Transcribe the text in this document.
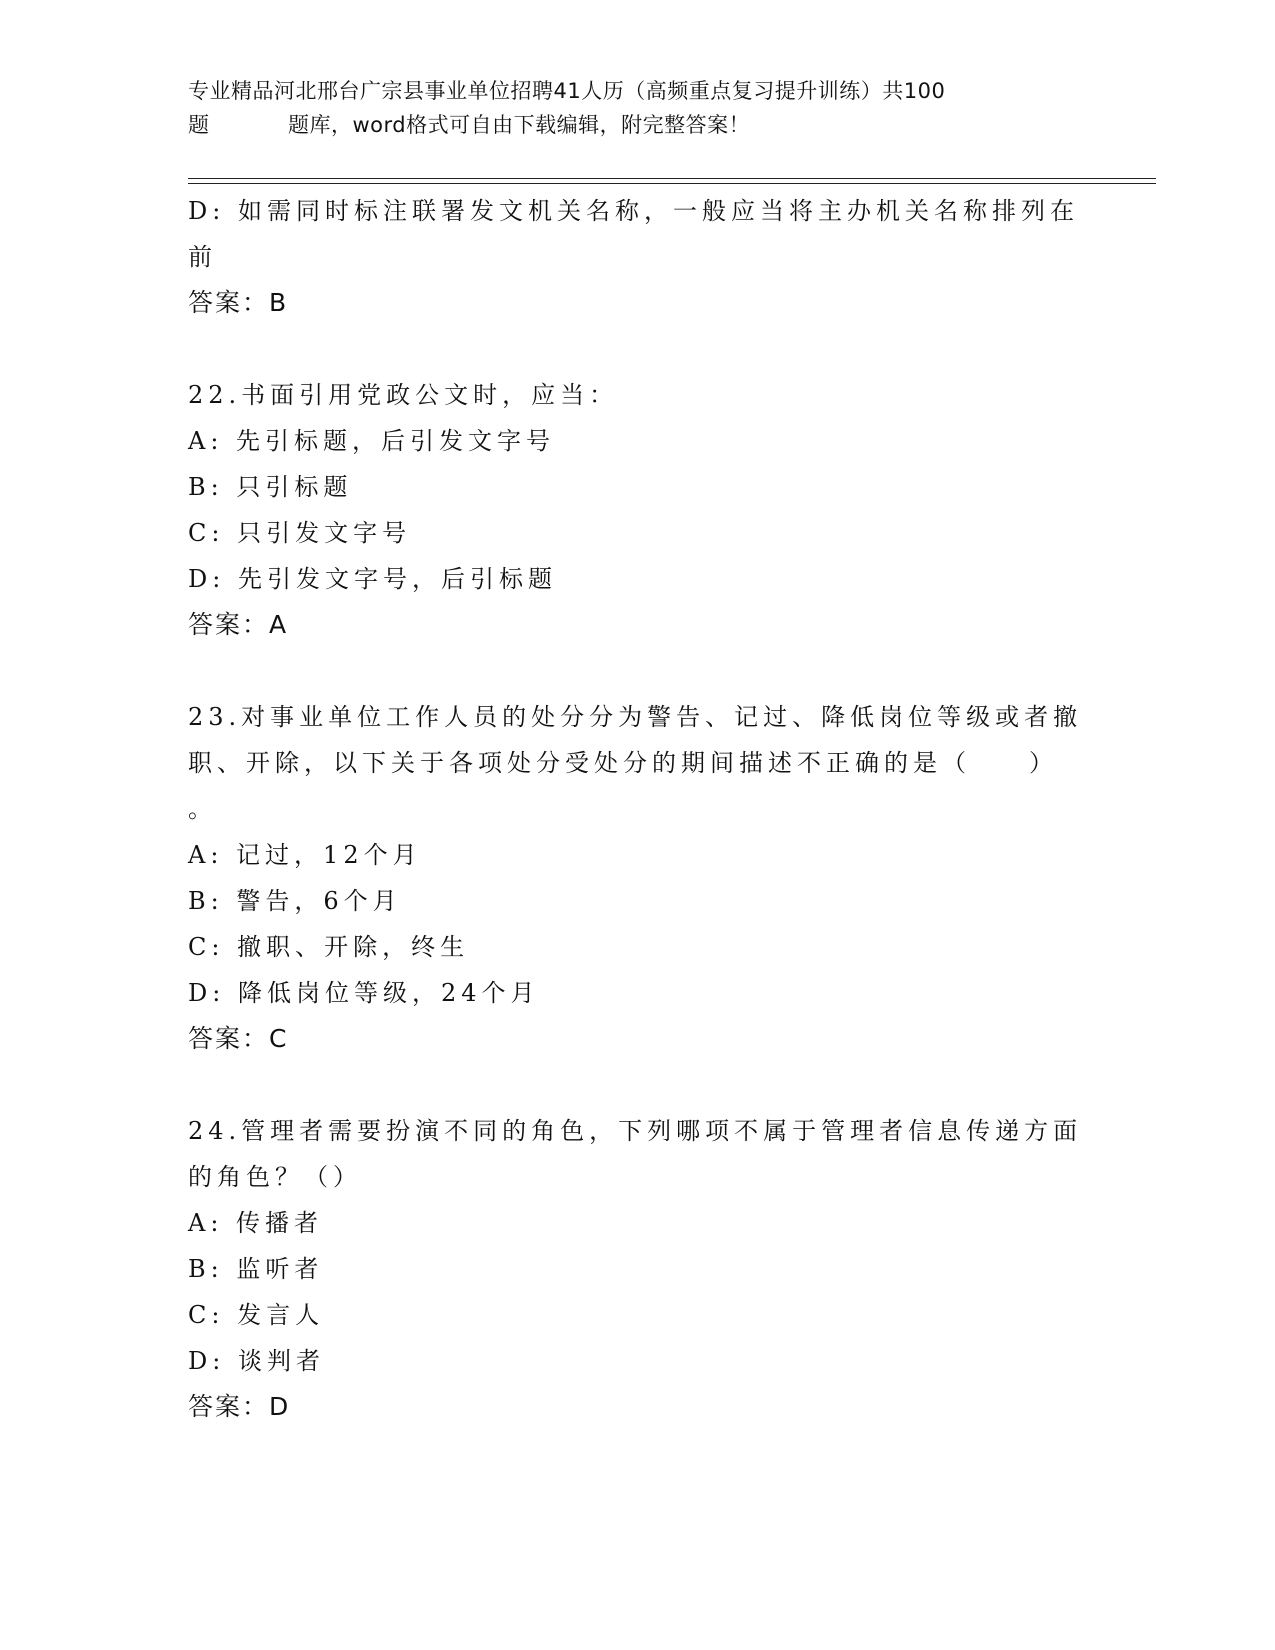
专业精品河北邢台广宗县事业单位招聘41人历（高频重点复习提升训练）共100
题	题库，word格式可自由下载编辑，附完整答案！
D: 如需同时标注联署发文机关名称，一般应当将主办机关名称排列在
前
答案：B
22.书面引用党政公文时，应当：
A: 先引标题，后引发文字号
B: 只引标题
C: 只引发文字号
D: 先引发文字号，后引标题
答案：A
23.对事业单位工作人员的处分分为警告、记过、降低岗位等级或者撤
职、开除，以下关于各项处分受处分的期间描述不正确的是（　　）
。
A: 记过，12个月
B: 警告，6个月
C: 撤职、开除，终生
D: 降低岗位等级，24个月
答案：C
24.管理者需要扮演不同的角色，下列哪项不属于管理者信息传递方面
的角色？（）
A: 传播者
B: 监听者
C: 发言人
D: 谈判者
答案：D
